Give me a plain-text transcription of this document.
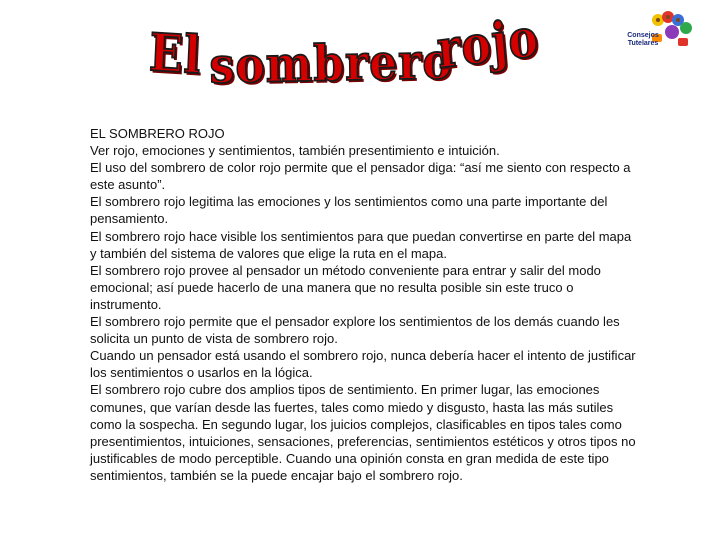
El sombrero
rojo	Consejos
Tutelares

EL SOMBRERO ROJO

Ver rojo, emociones y sentimientos, también presentimiento e intuición.

El uso del sombrero de color rojo permite que el pensador diga: “así me siento con respecto a este asunto”.

El sombrero rojo legitima las emociones y los sentimientos como una parte importante del pensamiento.

El sombrero rojo hace visible los sentimientos para que puedan convertirse en parte del mapa y también del sistema de valores que elige la ruta en el mapa.

El sombrero rojo provee al pensador un método conveniente para entrar y salir del modo emocional; así puede hacerlo de una manera que no resulta posible sin este truco o instrumento.

El sombrero rojo permite que el pensador explore los sentimientos de los demás cuando les solicita un punto de vista de sombrero rojo.

Cuando un pensador está usando el sombrero rojo, nunca debería hacer el intento de justificar los sentimientos o usarlos en la lógica.

El sombrero rojo cubre dos amplios tipos de sentimiento. En primer lugar, las emociones comunes, que varían desde las fuertes, tales como miedo y disgusto, hasta las más sutiles como la sospecha. En segundo lugar, los juicios complejos, clasificables en tipos tales como presentimientos, intuiciones, sensaciones, preferencias, sentimientos estéticos y otros tipos no justificables de modo perceptible. Cuando una opinión consta en gran medida de este tipo sentimientos, también se la puede encajar bajo el sombrero rojo.
